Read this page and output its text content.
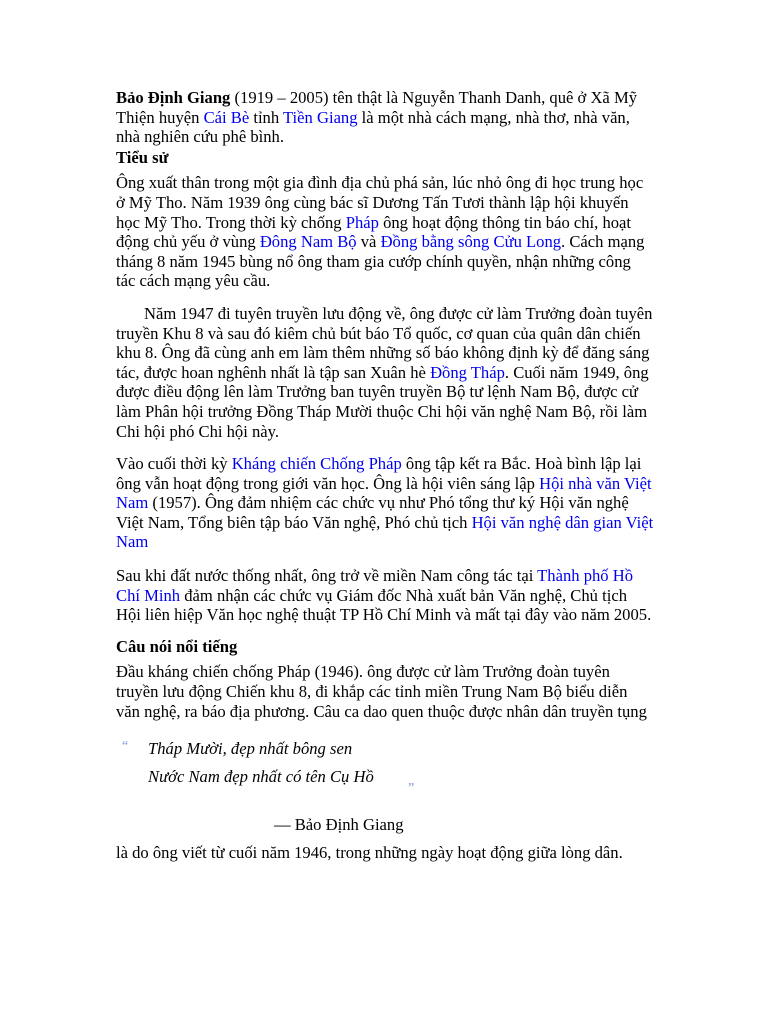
Bảo Định Giang (1919 – 2005) tên thật là Nguyễn Thanh Danh, quê ở Xã Mỹ Thiện huyện Cái Bè tỉnh Tiền Giang là một nhà cách mạng, nhà thơ, nhà văn, nhà nghiên cứu phê bình.

Tiểu sử

Ông xuất thân trong một gia đình địa chủ phá sản, lúc nhỏ ông đi học trung học ở Mỹ Tho. Năm 1939 ông cùng bác sĩ Dương Tấn Tươi thành lập hội khuyến học Mỹ Tho. Trong thời kỳ chống Pháp ông hoạt động thông tin báo chí, hoạt động chủ yếu ở vùng Đông Nam Bộ và Đồng bằng sông Cửu Long. Cách mạng tháng 8 năm 1945 bùng nổ ông tham gia cướp chính quyền, nhận những công tác cách mạng yêu cầu.

Năm 1947 đi tuyên truyền lưu động về, ông được cử làm Trưởng đoàn tuyên truyền Khu 8 và sau đó kiêm chủ bút báo Tổ quốc, cơ quan của quân dân chiến khu 8. Ông đã cùng anh em làm thêm những số báo không định kỳ để đăng sáng tác, được hoan nghênh nhất là tập san Xuân hè Đồng Tháp. Cuối năm 1949, ông được điều động lên làm Trưởng ban tuyên truyền Bộ tư lệnh Nam Bộ, được cử làm Phân hội trưởng Đồng Tháp Mười thuộc Chi hội văn nghệ Nam Bộ, rồi làm Chi hội phó Chi hội này.

Vào cuối thời kỳ Kháng chiến Chống Pháp ông tập kết ra Bắc. Hoà bình lập lại ông vẫn hoạt động trong giới văn học. Ông là hội viên sáng lập Hội nhà văn Việt Nam (1957). Ông đảm nhiệm các chức vụ như Phó tổng thư ký Hội văn nghệ Việt Nam, Tổng biên tập báo Văn nghệ, Phó chủ tịch Hội văn nghệ dân gian Việt Nam

Sau khi đất nước thống nhất, ông trở về miền Nam công tác tại Thành phố Hồ Chí Minh đảm nhận các chức vụ Giám đốc Nhà xuất bản Văn nghệ, Chủ tịch Hội liên hiệp Văn học nghệ thuật TP Hồ Chí Minh và mất tại đây vào năm 2005.

Câu nói nổi tiếng

Đầu kháng chiến chống Pháp (1946). ông được cử làm Trưởng đoàn tuyên truyền lưu động Chiến khu 8, đi khắp các tỉnh miền Trung Nam Bộ biểu diễn văn nghệ, ra báo địa phương. Câu ca dao quen thuộc được nhân dân truyền tụng

“ Tháp Mười, đẹp nhất bông sen
Nước Nam đẹp nhất có tên Cụ Hồ
”

— Bảo Định Giang

là do ông viết từ cuối năm 1946, trong những ngày hoạt động giữa lòng dân.
